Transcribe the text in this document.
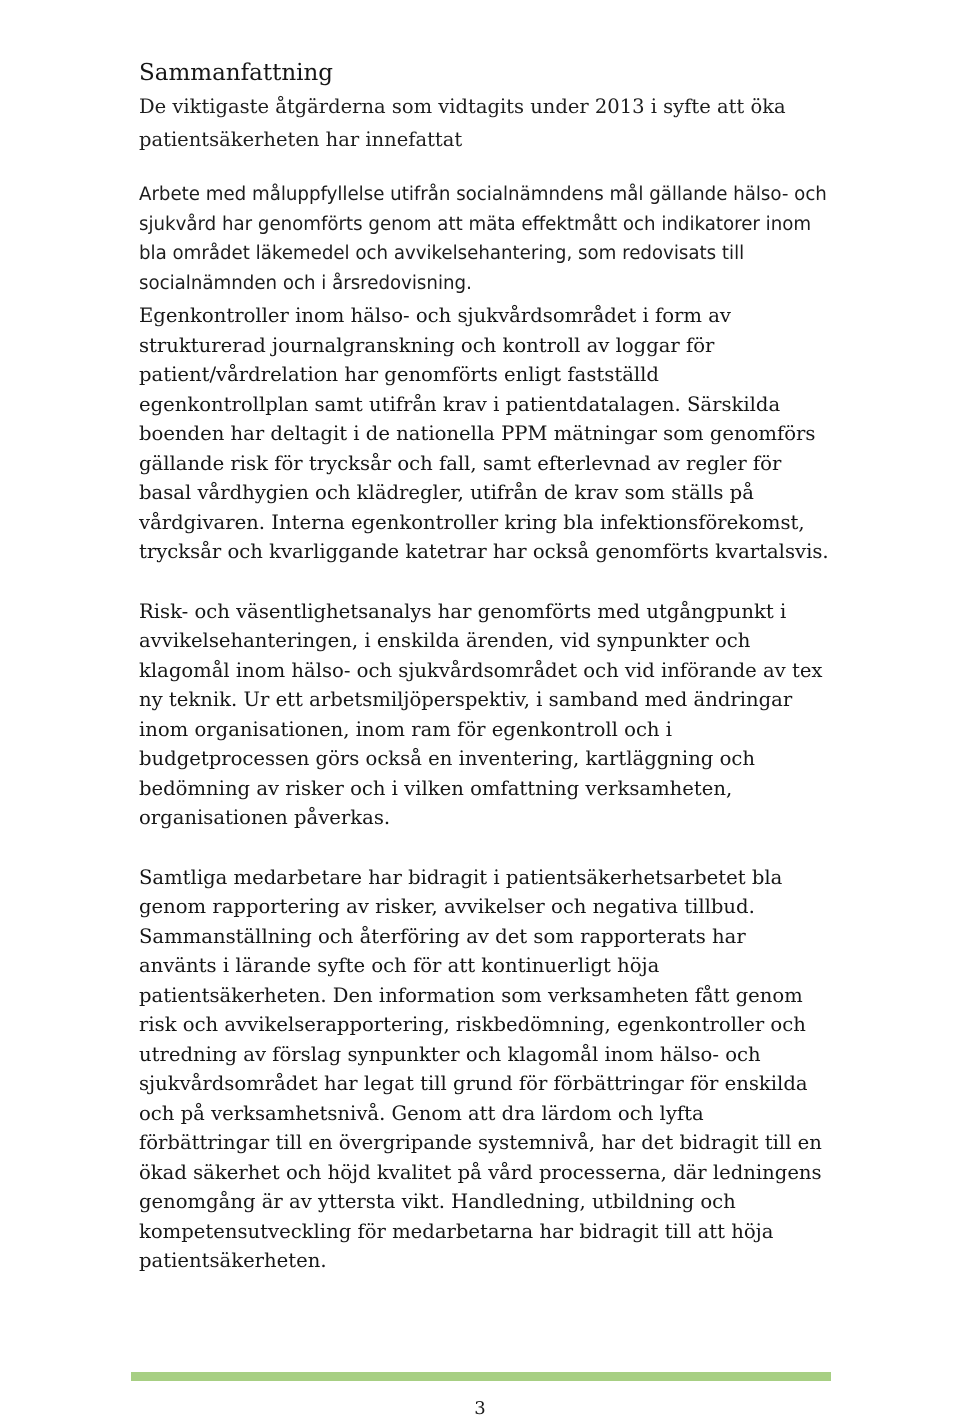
Sammanfattning

De viktigaste åtgärderna som vidtagits under 2013 i syfte att öka patientsäkerheten har innefattat

Arbete med måluppfyllelse utifrån socialnämndens mål gällande hälso- och sjukvård har genomförts genom att mäta effektmått och indikatorer inom bla området läkemedel och avvikelsehantering, som redovisats till socialnämnden och i årsredovisning.

Egenkontroller inom hälso- och sjukvårdsområdet i form av strukturerad journalgranskning och kontroll av loggar för patient/vårdrelation har genomförts enligt fastställd egenkontrollplan samt utifrån krav i patientdatalagen. Särskilda boenden har deltagit i de nationella PPM mätningar som genomförs gällande risk för trycksår och fall, samt efterlevnad av regler för basal vårdhygien och klädregler, utifrån de krav som ställs på vårdgivaren. Interna egenkontroller kring bla infektionsförekomst, trycksår och kvarliggande katetrar har också genomförts kvartalsvis.

Risk- och väsentlighetsanalys har genomförts med utgångpunkt i avvikelsehanteringen, i enskilda ärenden, vid synpunkter och klagomål inom hälso- och sjukvårdsområdet och vid införande av tex ny teknik. Ur ett arbetsmiljöperspektiv, i samband med ändringar inom organisationen, inom ram för egenkontroll och i budgetprocessen görs också en inventering, kartläggning och bedömning av risker och i vilken omfattning verksamheten, organisationen påverkas.

Samtliga medarbetare har bidragit i patientsäkerhetsarbetet bla genom rapportering av risker, avvikelser och negativa tillbud. Sammanställning och återföring av det som rapporterats har använts i lärande syfte och för att kontinuerligt höja patientsäkerheten. Den information som verksamheten fått genom risk och avvikelserapportering, riskbedömning, egenkontroller och utredning av förslag synpunkter och klagomål inom hälso- och sjukvårdsområdet har legat till grund för förbättringar för enskilda och på verksamhetsnivå. Genom att dra lärdom och lyfta förbättringar till en övergripande systemnivå, har det bidragit till en ökad säkerhet och höjd kvalitet på vård processerna, där ledningens genomgång är av yttersta vikt. Handledning, utbildning och kompetensutveckling för medarbetarna har bidragit till att höja patientsäkerheten.

3
